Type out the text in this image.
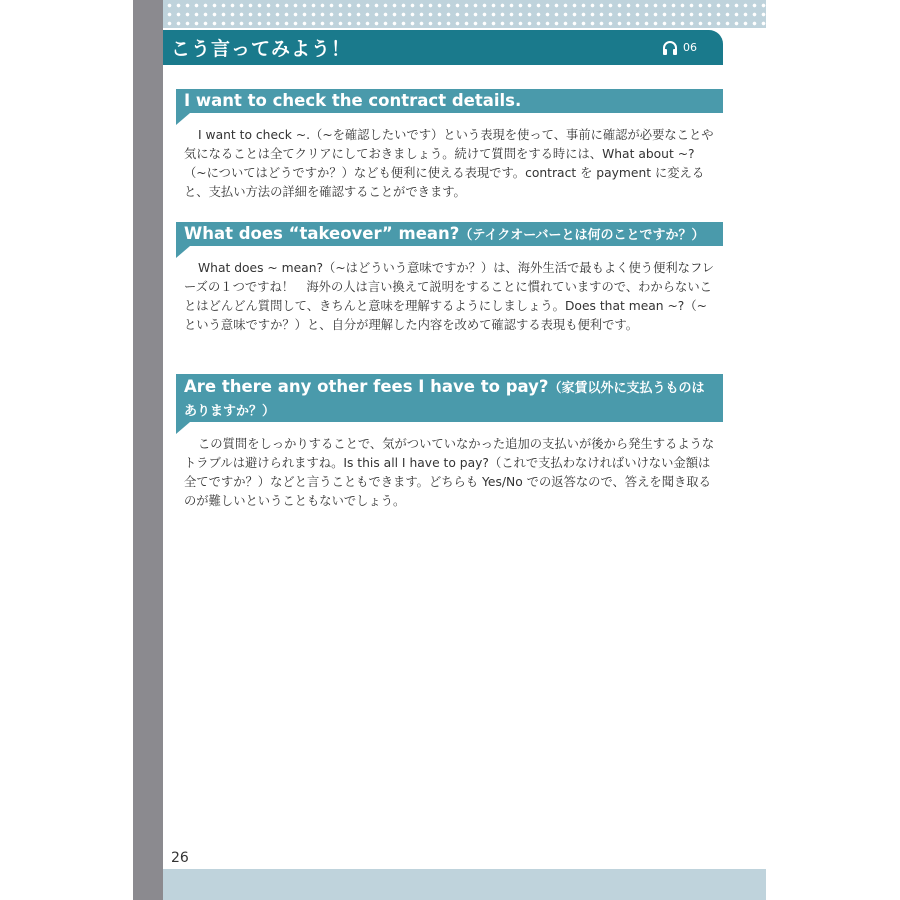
こう言ってみよう！	06
I want to check the contract details.（契約内容の確認をしたいです）

I want to check ~.（~を確認したいです）という表現を使って、事前に確認が必要なことや気になることは全てクリアにしておきましょう。続けて質問をする時には、What about ~?（~についてはどうですか？）なども便利に使える表現です。contract を payment に変えると、支払い方法の詳細を確認することができます。

What does “takeover” mean?（テイクオーバーとは何のことですか？）

What does ~ mean?（~はどういう意味ですか？）は、海外生活で最もよく使う便利なフレーズの１つですね！　海外の人は言い換えて説明をすることに慣れていますので、わからないことはどんどん質問して、きちんと意味を理解するようにしましょう。Does that mean ~?（~という意味ですか？）と、自分が理解した内容を改めて確認する表現も便利です。

Are there any other fees I have to pay?（家賃以外に支払うものはありますか？）

この質問をしっかりすることで、気がついていなかった追加の支払いが後から発生するようなトラブルは避けられますね。Is this all I have to pay?（これで支払わなければいけない金額は全てですか？）などと言うこともできます。どちらも Yes/No での返答なので、答えを聞き取るのが難しいということもないでしょう。

26
